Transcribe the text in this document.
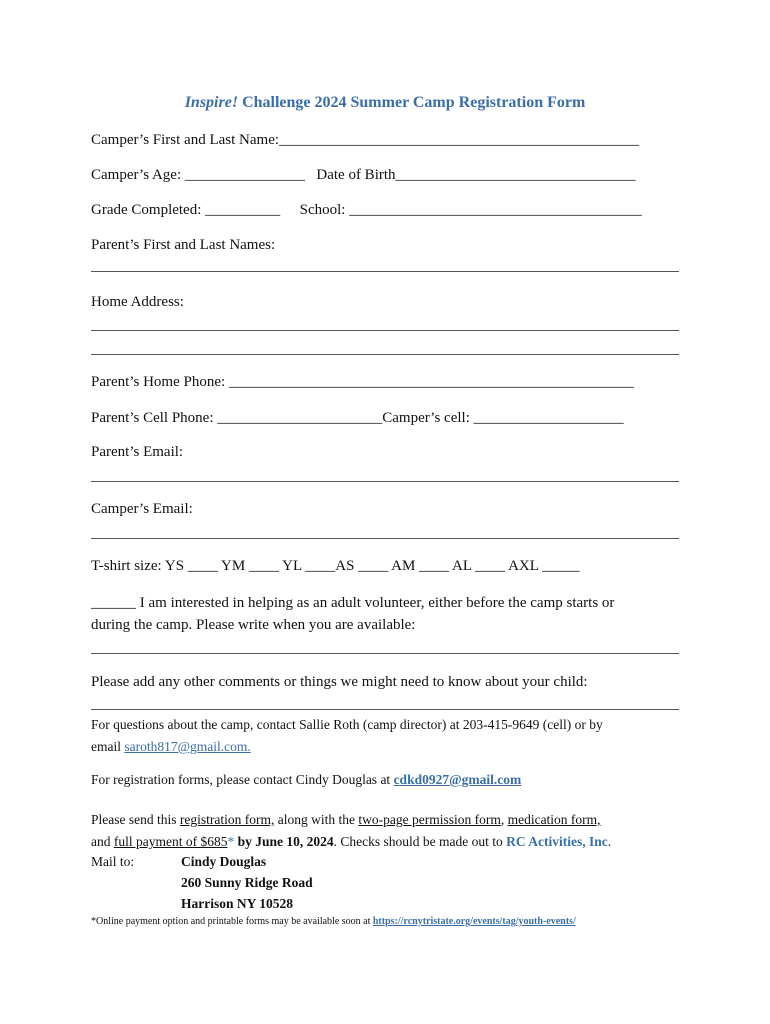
Inspire! Challenge 2024 Summer Camp Registration Form
Camper’s First and Last Name:________________________________________________
Camper’s Age: ________________ Date of Birth________________________________
Grade Completed: __________ School: _______________________________________
Parent’s First and Last Names:
Home Address:
Parent’s Home Phone: ______________________________________________________
Parent’s Cell Phone: ______________________Camper’s cell: ____________________
Parent’s Email:
Camper’s Email:
T-shirt size: YS ____ YM ____ YL ____AS ____ AM ____ AL ____ AXL _____
______ I am interested in helping as an adult volunteer, either before the camp starts or
during the camp. Please write when you are available:
Please add any other comments or things we might need to know about your child:
For questions about the camp, contact Sallie Roth (camp director) at 203-415-9649 (cell) or by
email saroth817@gmail.com.
For registration forms, please contact Cindy Douglas at cdkd0927@gmail.com
Please send this registration form, along with the two-page permission form, medication form,
and full payment of $685* by June 10, 2024. Checks should be made out to RC Activities, Inc.
Mail to:	Cindy Douglas
260 Sunny Ridge Road
Harrison NY 10528
*Online payment option and printable forms may be available soon at https://rcnytristate.org/events/tag/youth-events/
